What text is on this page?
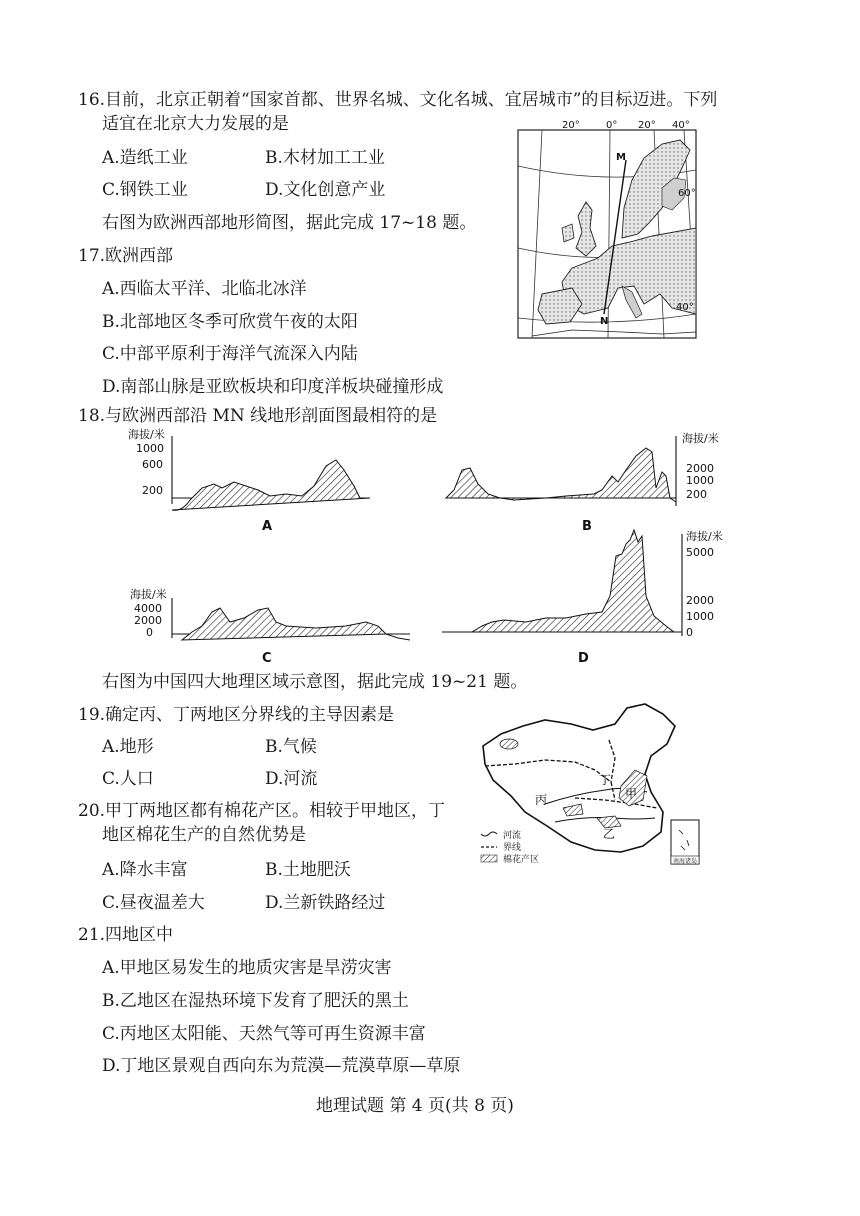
16.目前，北京正朝着“国家首都、世界名城、文化名城、宜居城市”的目标迈进。下列
适宜在北京大力发展的是
A.造纸工业	B.木材加工工业
C.钢铁工业	D.文化创意产业
右图为欧洲西部地形简图，据此完成 17~18 题。
17.欧洲西部
A.西临太平洋、北临北冰洋
B.北部地区冬季可欣赏午夜的太阳
C.中部平原利于海洋气流深入内陆
D.南部山脉是亚欧板块和印度洋板块碰撞形成
M
N
20°	0° 20° 40°
60°
40°
18.与欧洲西部沿 MN 线地形剖面图最相符的是
海拔/米
1000
600
200
A
海拔/米
2000
1000
200
B
海拔/米
4000
2000
0
C
海拔/米
5000
2000
1000
0
D
右图为中国四大地理区域示意图，据此完成 19~21 题。
19.确定丙、丁两地区分界线的主导因素是
A.地形	B.气候
C.人口	D.河流	丁
甲
丙
乙
河流
界线
棉花产区	南海诸岛
20.甲丁两地区都有棉花产区。相较于甲地区，丁
地区棉花生产的自然优势是
A.降水丰富	B.土地肥沃
C.昼夜温差大	D.兰新铁路经过
21.四地区中
A.甲地区易发生的地质灾害是旱涝灾害
B.乙地区在湿热环境下发育了肥沃的黑土
C.丙地区太阳能、天然气等可再生资源丰富
D.丁地区景观自西向东为荒漠—荒漠草原—草原
地理试题 第 4 页(共 8 页)
